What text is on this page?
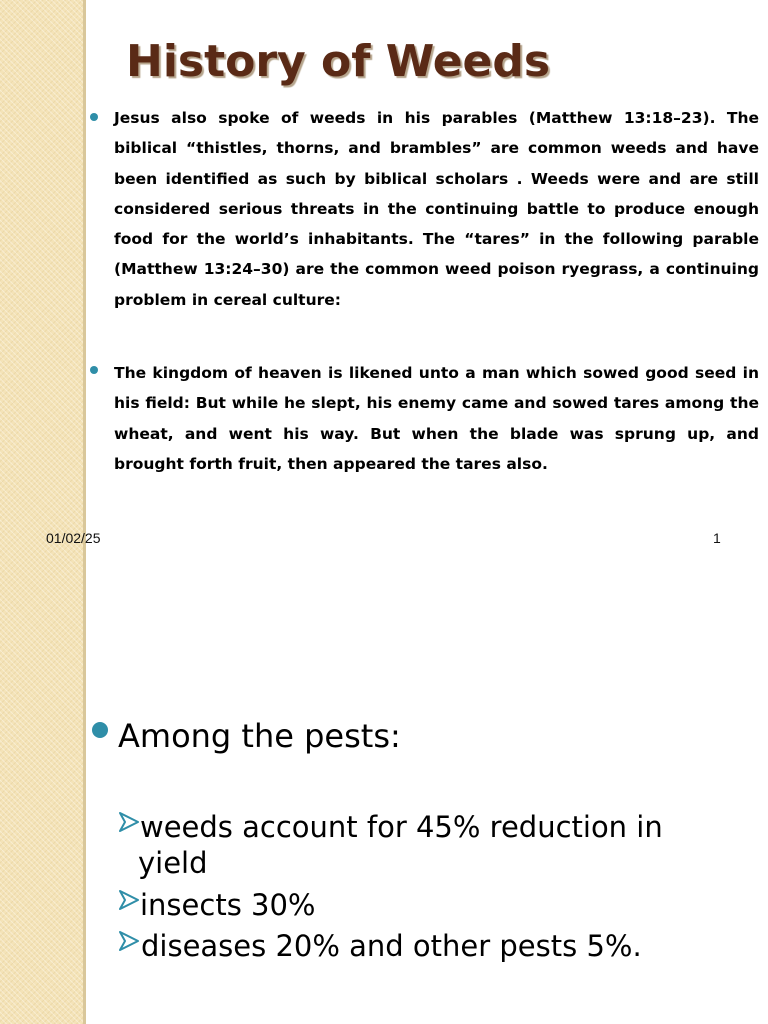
History of Weeds

Jesus also spoke of weeds in his parables (Matthew 13:18–23). The biblical “thistles, thorns, and brambles” are common weeds and have been identified as such by biblical scholars . Weeds were and are still considered serious threats in the continuing battle to produce enough food for the world’s inhabitants. The “tares” in the following parable (Matthew 13:24–30) are the common weed poison ryegrass, a continuing problem in cereal culture:

The kingdom of heaven is likened unto a man which sowed good seed in his field: But while he slept, his enemy came and sowed tares among the wheat, and went his way. But when the blade was sprung up, and brought forth fruit, then appeared the tares also.

01/02/25	1
Among the pests:
weeds account for 45% reduction in
yield
insects 30%
diseases 20% and other pests 5%.
